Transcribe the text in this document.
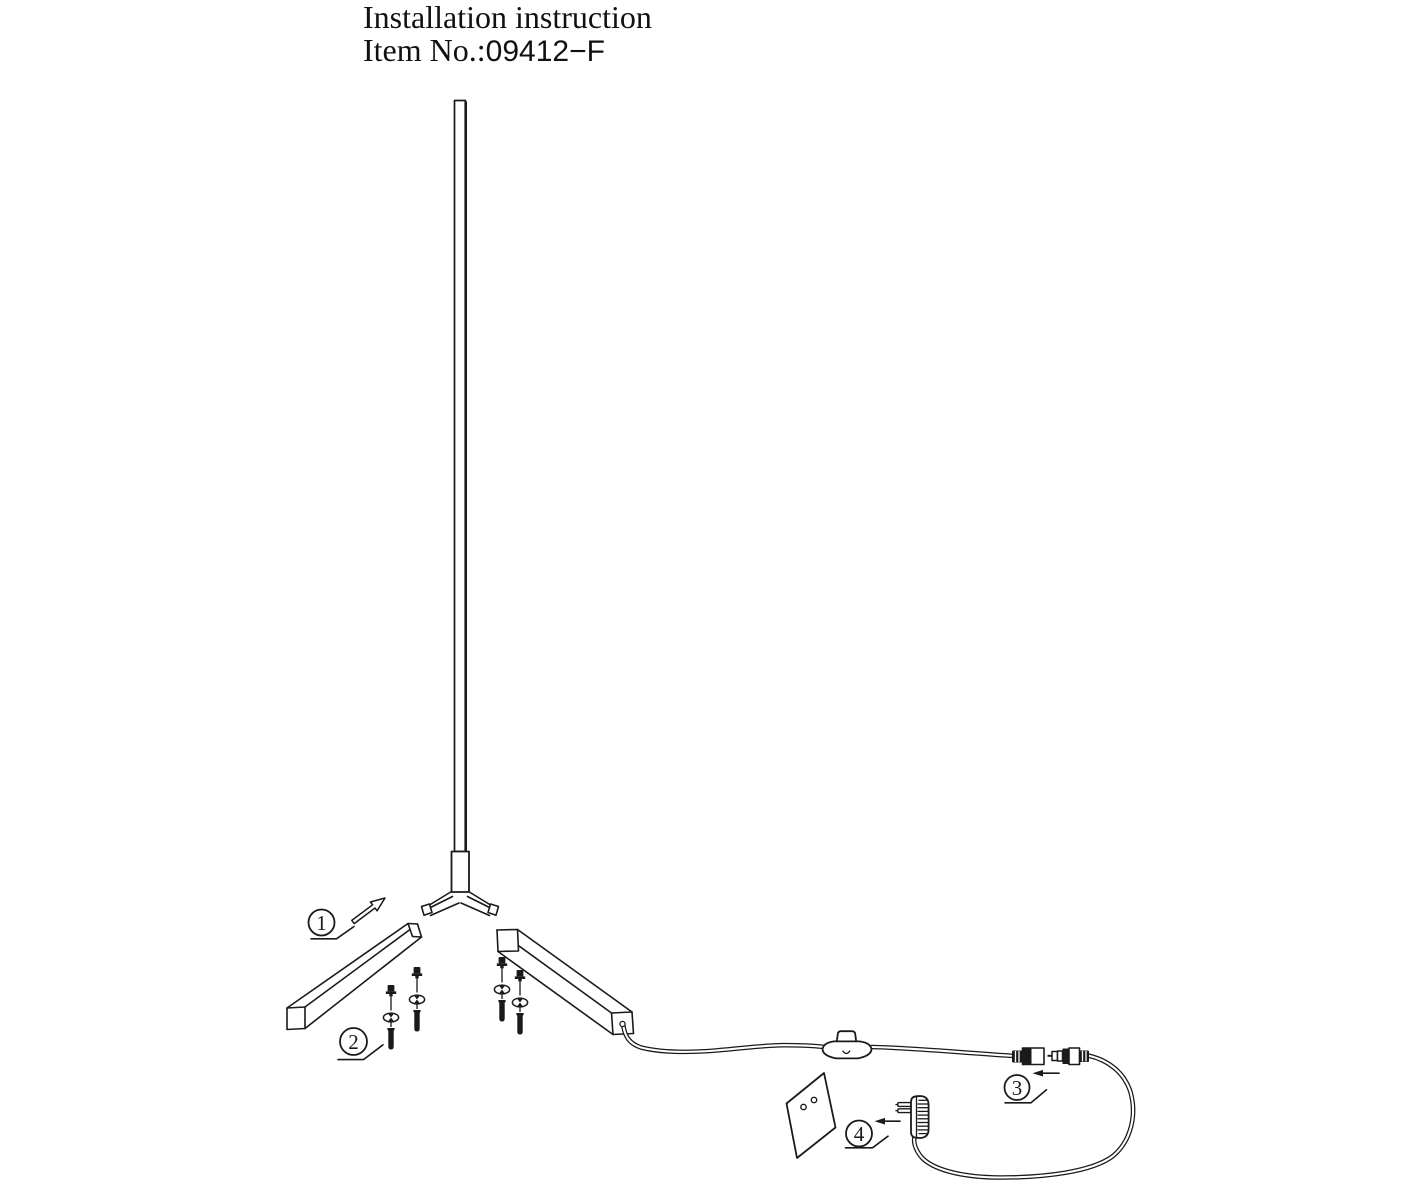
Installation instruction
Item No.:09412−F
1
2
3
4
